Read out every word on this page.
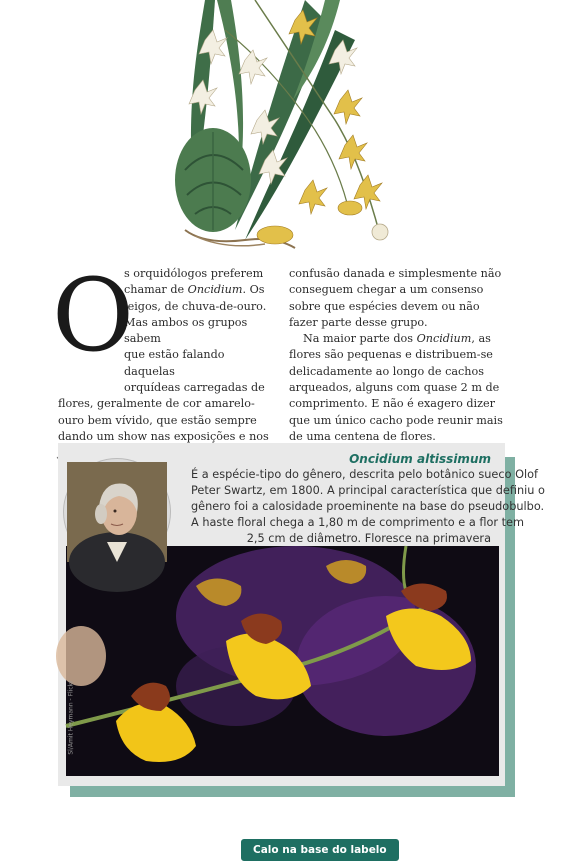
O

s orquidólogos preferem
chamar de Oncidium. Os
leigos, de chuva-de-ouro.
Mas ambos os grupos sabem
que estão falando daquelas
orquídeas carregadas de
flores, geralmente de cor amarelo-ouro bem vívido, que estão sempre dando um show nas exposições e nos

confusão danada e simplesmente não conseguem chegar a um consenso sobre que espécies devem ou não fazer parte desse grupo.

Na maior parte dos Oncidium, as flores são pequenas e distribuem-se delicadamente ao longo de cachos arqueados, alguns com quase 2 m de comprimento. E não é exagero dizer que um único cacho pode reunir mais de uma centena de flores.

Oncidium altissimum
É a espécie-tipo do gênero, descrita pelo botânico sueco Olof
Peter Swartz, em 1800. A principal característica que definiu o
gênero foi a calosidade proeminente na base do pseudobulbo.
A haste floral chega a 1,80 m de comprimento e a flor tem
2,5 cm de diâmetro. Floresce na primavera
Sl/Amit Heymann - Flickr
Calo na base do labelo
